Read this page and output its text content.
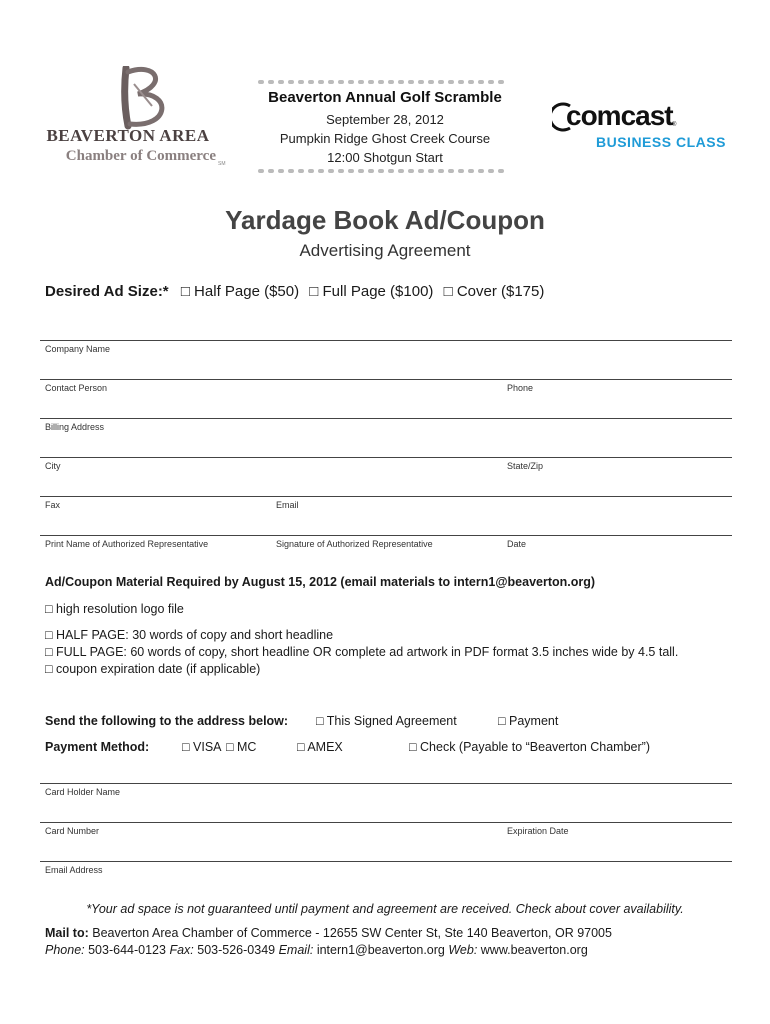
BEAVERTON AREA
Chamber of Commerce SM
Beaverton Annual Golf Scramble
September 28, 2012
Pumpkin Ridge Ghost Creek Course
12:00 Shotgun Start
comcast ®
BUSINESS CLASS
Yardage Book Ad/Coupon
Advertising Agreement
Desired Ad Size:* □ Half Page ($50) □ Full Page ($100) □ Cover ($175)
Company Name
Contact Person	Phone
Billing Address
City	State/Zip
Fax	Email
Print Name of Authorized Representative	Signature of Authorized Representative	Date
Ad/Coupon Material Required by August 15, 2012 (email materials to intern1@beaverton.org)
□ high resolution logo file
□ HALF PAGE: 30 words of copy and short headline
□ FULL PAGE: 60 words of copy, short headline OR complete ad artwork in PDF format 3.5 inches wide by 4.5 tall.
□ coupon expiration date (if applicable)
Send the following to the address below: □ This Signed Agreement	□ Payment
Payment Method:	□ VISA □ MC	□ AMEX	□ Check (Payable to “Beaverton Chamber”)
Card Holder Name
Card Number	Expiration Date
Email Address
*Your ad space is not guaranteed until payment and agreement are received. Check about cover availability.
Mail to: Beaverton Area Chamber of Commerce - 12655 SW Center St, Ste 140 Beaverton, OR 97005
Phone: 503-644-0123 Fax: 503-526-0349 Email: intern1@beaverton.org Web: www.beaverton.org
